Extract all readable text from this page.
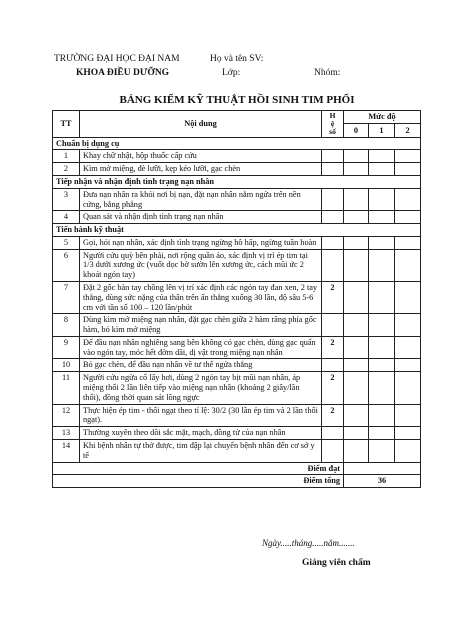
TRƯỜNG ĐẠI HỌC ĐẠI NAM	Họ và tên SV:
KHOA ĐIỀU DƯỠNG	Lớp:	Nhóm:
BẢNG KIỂM KỸ THUẬT HỒI SINH TIM PHỔI
TT	Nội dung	H
ệ
số	Mức độ		
			0	1	2
Chuẩn bị dụng cụ					
1	Khay chữ nhật, hộp thuốc cấp cứu				
2	Kìm mở miệng, đè lưỡi, kẹp kéo lưỡi, gạc chèn				
Tiếp nhận và nhận định tình trạng nạn nhân					
3	Đưa nạn nhân ra khỏi nơi bị nạn, đặt nạn nhân nằm ngửa trên nền cứng, bằng phẳng				
4	Quan sát và nhận định tình trạng nạn nhân				
Tiến hành kỹ thuật					
5	Gọi, hỏi nạn nhân, xác định tình trạng ngừng hô hấp, ngừng tuần hoàn				
6	Người cứu quỳ bên phải, nơi rộng quần áo, xác định vị trí ép tim tại 1/3 dưới xương ức (vuốt dọc bờ sườn lên xương ức, cách mũi ức 2 khoát ngón tay)				
7	Đặt 2 gốc bàn tay chồng lên vị trí xác định các ngón tay đan xen, 2 tay thẳng, dùng sức nặng của thân trên ấn thẳng xuống 30 lần, độ sâu 5-6 cm với tần số 100 – 120 lần/phút	2			
8	Dùng kìm mở miệng nạn nhân, đặt gạc chèn giữa 2 hàm răng phía gốc hàm, bỏ kìm mở miệng				
9	Để đầu nạn nhân nghiêng sang bên không có gạc chèn, dùng gạc quấn vào ngón tay, móc hết đờm dãi, dị vật trong miệng nạn nhân	2			
10	Bỏ gạc chèn, để đầu nạn nhân về tư thế ngửa thẳng				
11	Người cứu ngửa cổ lấy hơi, dùng 2 ngón tay bịt mũi nạn nhân, áp miệng thổi 2 lần liên tiếp vào miệng nạn nhân (khoảng 2 giây/lần thổi), đồng thời quan sát lồng ngực	2			
12	Thực hiện ép tim - thổi ngạt theo tỉ lệ: 30/2 (30 lần ép tim và 2 lần thổi ngạt).	2			
13	Thường xuyên theo dõi sắc mặt, mạch, đồng tử của nạn nhân				
14	Khi bệnh nhân tự thở được, tim đập lại chuyển bệnh nhân đến cơ sở y tế				
Điểm đạt					
Điểm tổng			36		
Ngày.....tháng.....năm.......
Giảng viên chấm
